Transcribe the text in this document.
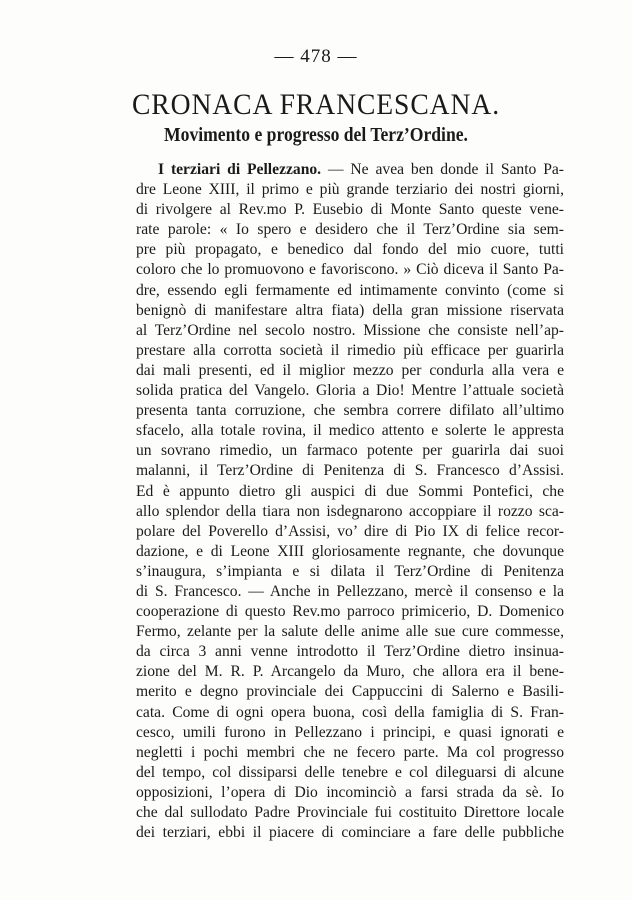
— 478 —
CRONACA FRANCESCANA.
Movimento e progresso del Terz’Ordine.
I terziari di Pellezzano. — Ne avea ben donde il Santo Pa-
dre Leone XIII, il primo e più grande terziario dei nostri giorni,
di rivolgere al Rev.mo P. Eusebio di Monte Santo queste vene-
rate parole: « Io spero e desidero che il Terz’Ordine sia sem-
pre più propagato, e benedico dal fondo del mio cuore, tutti
coloro che lo promuovono e favoriscono. » Ciò diceva il Santo Pa-
dre, essendo egli fermamente ed intimamente convinto (come si
benignò di manifestare altra fiata) della gran missione riservata
al Terz’Ordine nel secolo nostro. Missione che consiste nell’ap-
prestare alla corrotta società il rimedio più efficace per guarirla
dai mali presenti, ed il miglior mezzo per condurla alla vera e
solida pratica del Vangelo. Gloria a Dio! Mentre l’attuale società
presenta tanta corruzione, che sembra correre difilato all’ultimo
sfacelo, alla totale rovina, il medico attento e solerte le appresta
un sovrano rimedio, un farmaco potente per guarirla dai suoi
malanni, il Terz’Ordine di Penitenza di S. Francesco d’Assisi.
Ed è appunto dietro gli auspici di due Sommi Pontefici, che
allo splendor della tiara non isdegnarono accoppiare il rozzo sca-
polare del Poverello d’Assisi, vo’ dire di Pio IX di felice recor-
dazione, e di Leone XIII gloriosamente regnante, che dovunque
s’inaugura, s’impianta e si dilata il Terz’Ordine di Penitenza
di S. Francesco. — Anche in Pellezzano, mercè il consenso e la
cooperazione di questo Rev.mo parroco primicerio, D. Domenico
Fermo, zelante per la salute delle anime alle sue cure commesse,
da circa 3 anni venne introdotto il Terz’Ordine dietro insinua-
zione del M. R. P. Arcangelo da Muro, che allora era il bene-
merito e degno provinciale dei Cappuccini di Salerno e Basili-
cata. Come di ogni opera buona, così della famiglia di S. Fran-
cesco, umili furono in Pellezzano i principi, e quasi ignorati e
negletti i pochi membri che ne fecero parte. Ma col progresso
del tempo, col dissiparsi delle tenebre e col dileguarsi di alcune
opposizioni, l’opera di Dio incominciò a farsi strada da sè. Io
che dal sullodato Padre Provinciale fui costituito Direttore locale
dei terziari, ebbi il piacere di cominciare a fare delle pubbliche
